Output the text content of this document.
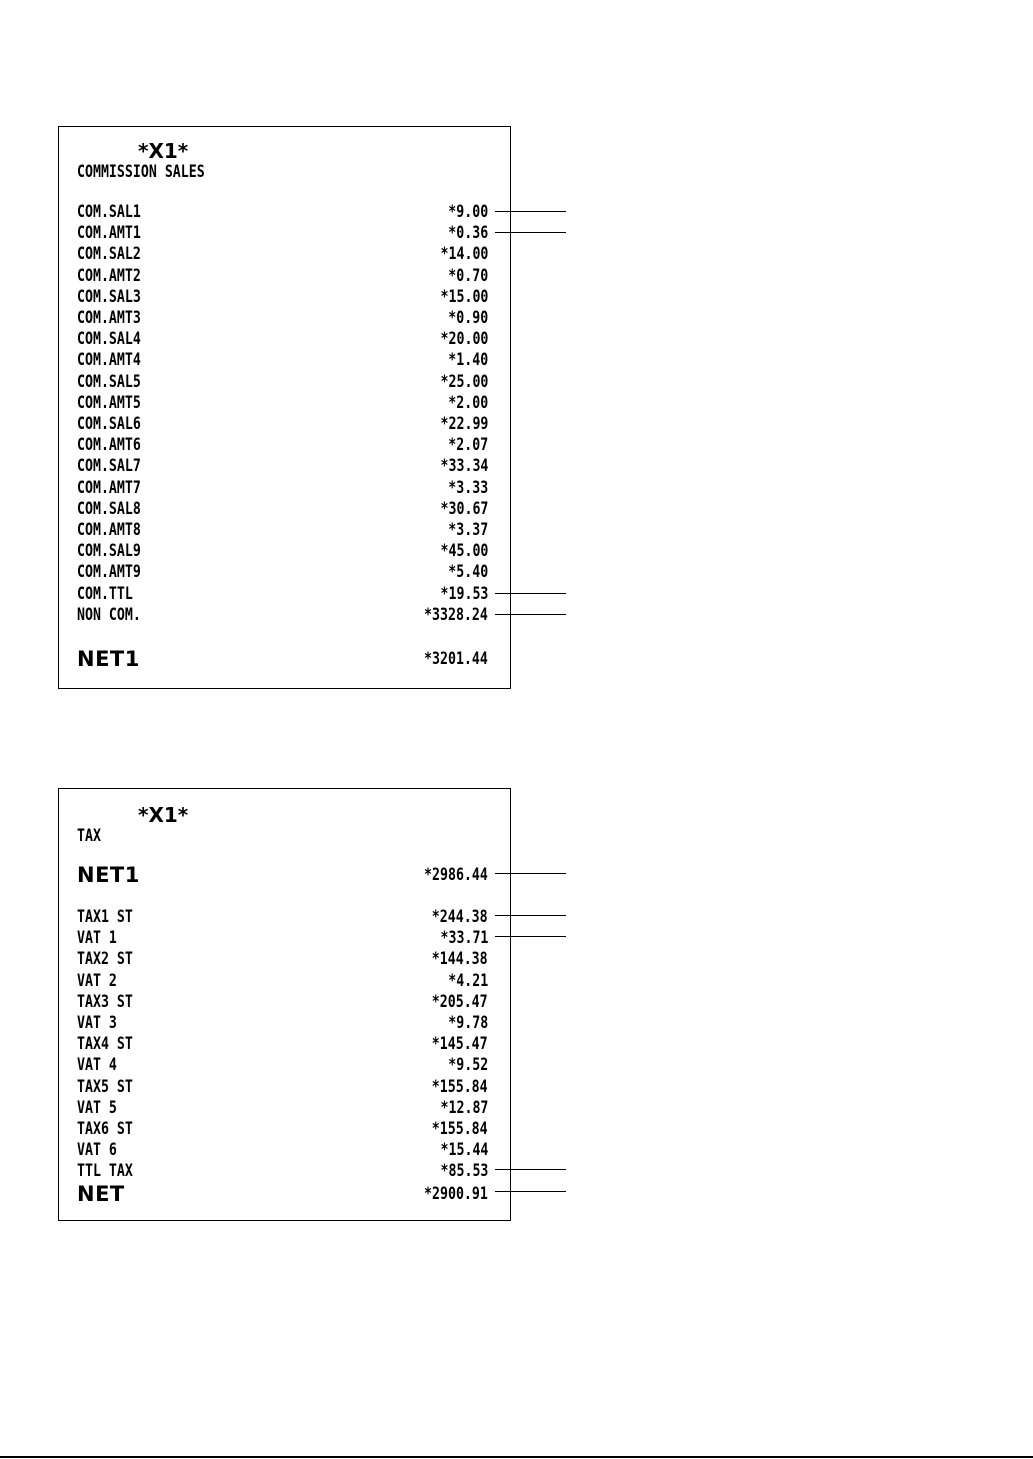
*X1*
COMMISSION SALES
COM.SAL1	*9.00
COM.AMT1	*0.36
COM.SAL2	*14.00
COM.AMT2	*0.70
COM.SAL3	*15.00
COM.AMT3	*0.90
COM.SAL4	*20.00
COM.AMT4	*1.40
COM.SAL5	*25.00
COM.AMT5	*2.00
COM.SAL6	*22.99
COM.AMT6	*2.07
COM.SAL7	*33.34
COM.AMT7	*3.33
COM.SAL8	*30.67
COM.AMT8	*3.37
COM.SAL9	*45.00
COM.AMT9	*5.40
COM.TTL	*19.53
NON COM.	*3328.24
NET1	*3201.44
*X1*
TAX
NET1	*2986.44
TAX1 ST	*244.38
VAT 1	*33.71
TAX2 ST	*144.38
VAT 2	*4.21
TAX3 ST	*205.47
VAT 3	*9.78
TAX4 ST	*145.47
VAT 4	*9.52
TAX5 ST	*155.84
VAT 5	*12.87
TAX6 ST	*155.84
VAT 6	*15.44
TTL TAX	*85.53
NET	*2900.91
